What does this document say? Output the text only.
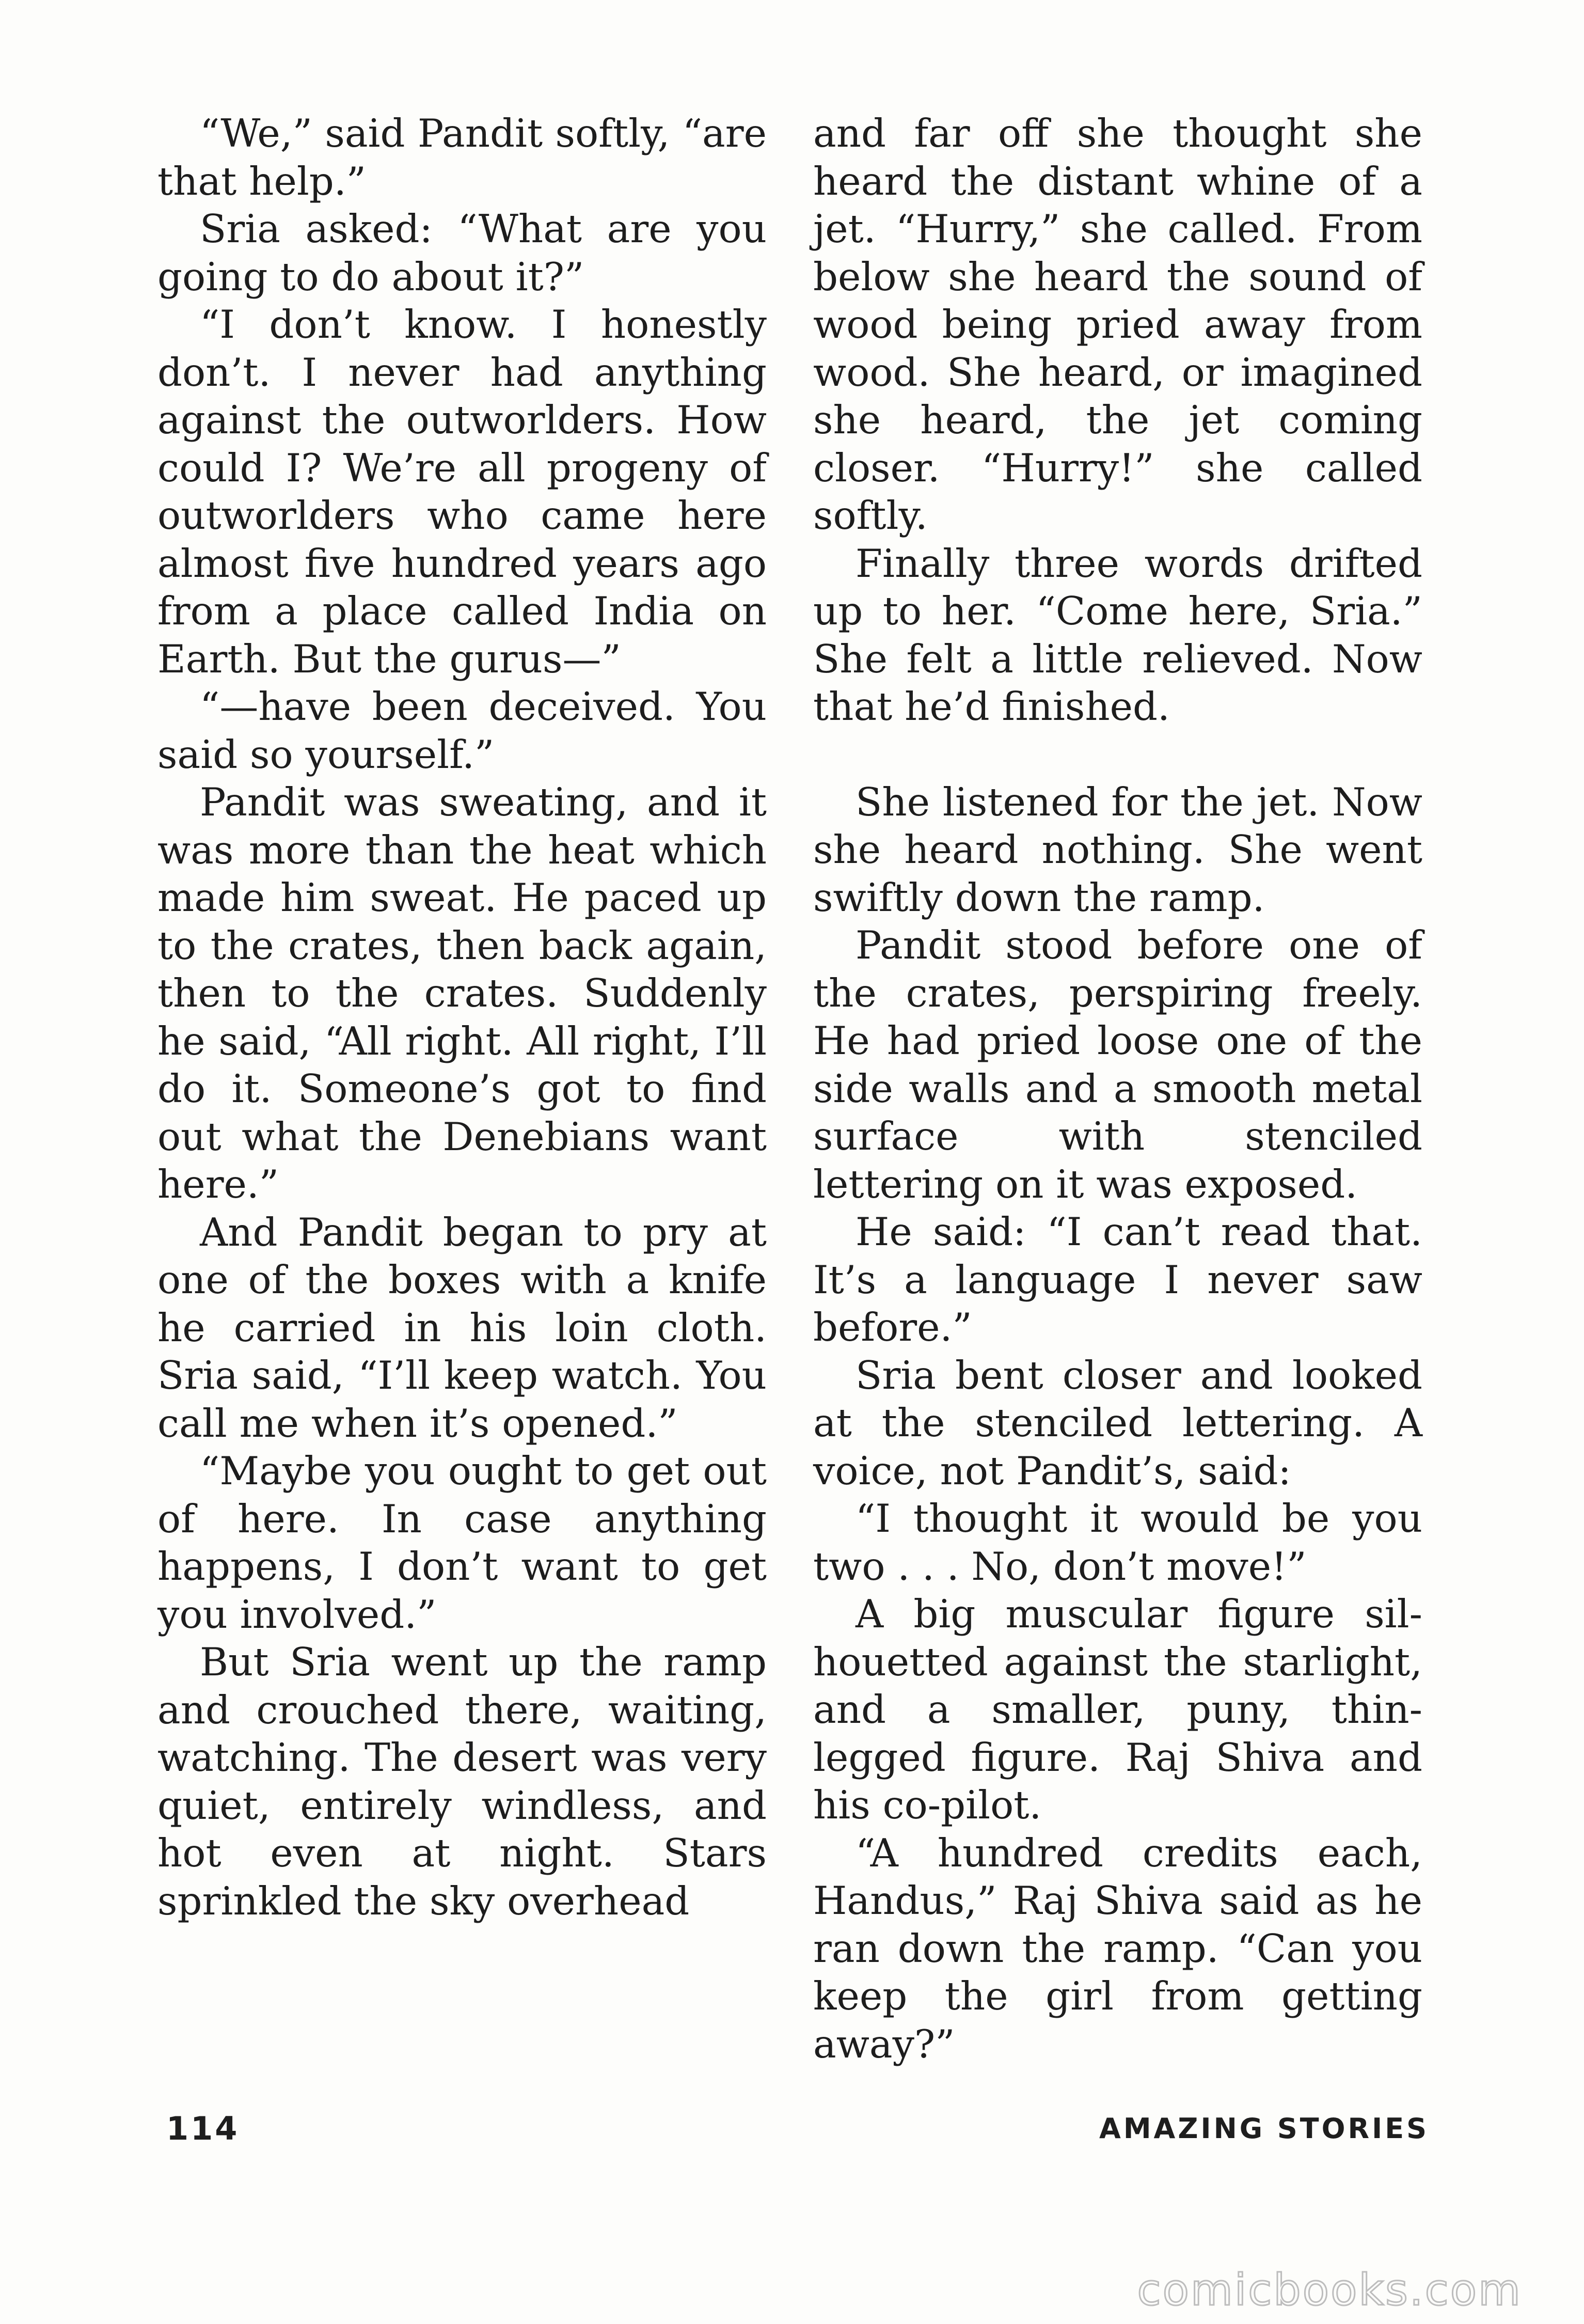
“We,” said Pandit softly, “are that help.”

Sria asked: “What are you going to do about it?”

“I don’t know. I honestly don’t. I never had anything against the outworlders. How could I? We’re all progeny of outworlders who came here almost five hundred years ago from a place called India on Earth. But the gurus—”

“—have been deceived. You said so yourself.”

Pandit was sweating, and it was more than the heat which made him sweat. He paced up to the crates, then back again, then to the crates. Suddenly he said, “All right. All right, I’ll do it. Someone’s got to find out what the Denebians want here.”

And Pandit began to pry at one of the boxes with a knife he carried in his loin cloth. Sria said, “I’ll keep watch. You call me when it’s opened.”

“Maybe you ought to get out of here. In case anything happens, I don’t want to get you involved.”

But Sria went up the ramp and crouched there, waiting, watching. The desert was very quiet, entirely windless, and hot even at night. Stars sprinkled the sky overhead

and far off she thought she heard the distant whine of a jet. “Hurry,” she called. From below she heard the sound of wood being pried away from wood. She heard, or imagined she heard, the jet coming closer. “Hurry!” she called softly.

Finally three words drifted up to her. “Come here, Sria.” She felt a little relieved. Now that he’d finished.

She listened for the jet. Now she heard nothing. She went swiftly down the ramp.

Pandit stood before one of the crates, perspiring freely. He had pried loose one of the side walls and a smooth metal surface with stenciled lettering on it was exposed.

He said: “I can’t read that. It’s a language I never saw before.”

Sria bent closer and looked at the stenciled lettering. A voice, not Pandit’s, said:

“I thought it would be you two . . . No, don’t move!”

A big muscular figure silhouetted against the starlight, and a smaller, puny, thin-legged figure. Raj Shiva and his co-pilot.

“A hundred credits each, Handus,” Raj Shiva said as he ran down the ramp. “Can you keep the girl from getting away?”

114	AMAZING STORIES
comicbooks.com
